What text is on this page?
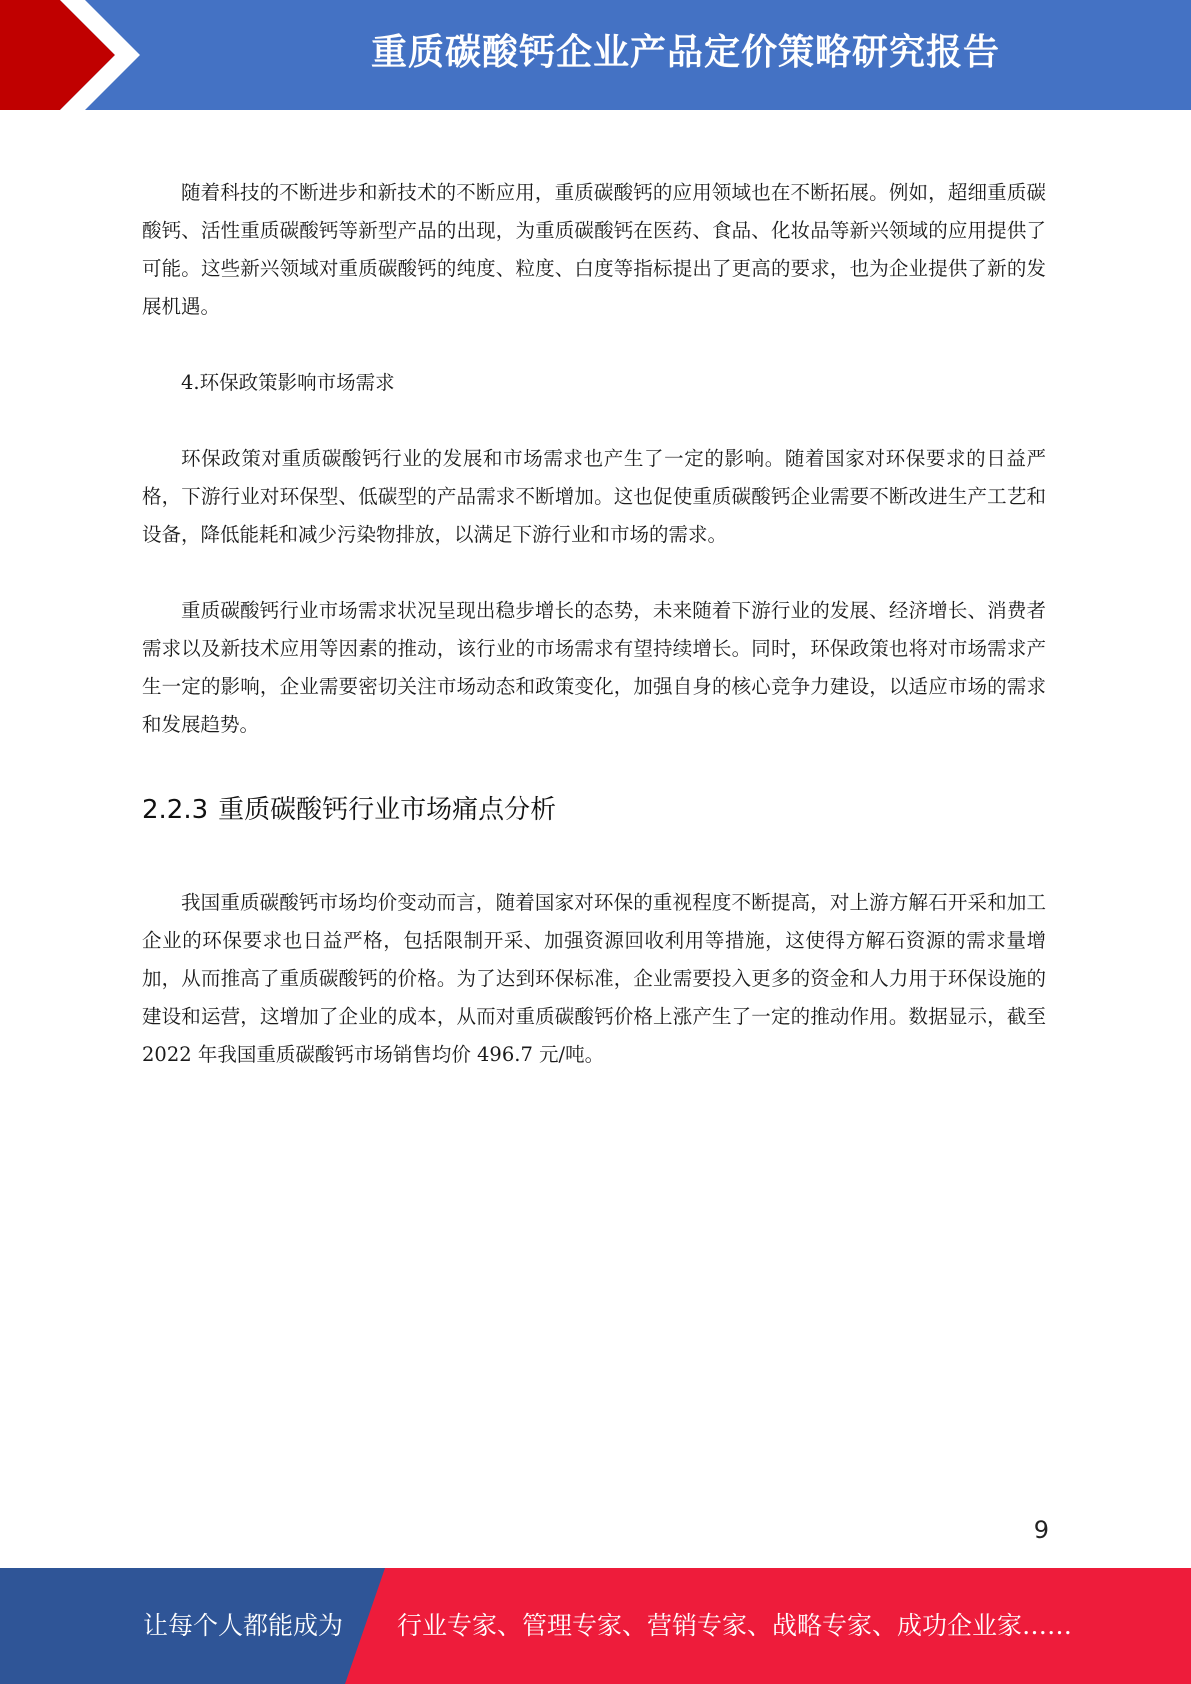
重质碳酸钙企业产品定价策略研究报告

随着科技的不断进步和新技术的不断应用，重质碳酸钙的应用领域也在不断拓展。例如，超细重质碳酸钙、活性重质碳酸钙等新型产品的出现，为重质碳酸钙在医药、食品、化妆品等新兴领域的应用提供了可能。这些新兴领域对重质碳酸钙的纯度、粒度、白度等指标提出了更高的要求，也为企业提供了新的发展机遇。

4.环保政策影响市场需求

环保政策对重质碳酸钙行业的发展和市场需求也产生了一定的影响。随着国家对环保要求的日益严格，下游行业对环保型、低碳型的产品需求不断增加。这也促使重质碳酸钙企业需要不断改进生产工艺和设备，降低能耗和减少污染物排放，以满足下游行业和市场的需求。

重质碳酸钙行业市场需求状况呈现出稳步增长的态势，未来随着下游行业的发展、经济增长、消费者需求以及新技术应用等因素的推动，该行业的市场需求有望持续增长。同时，环保政策也将对市场需求产生一定的影响，企业需要密切关注市场动态和政策变化，加强自身的核心竞争力建设，以适应市场的需求和发展趋势。

2.2.3 重质碳酸钙行业市场痛点分析

我国重质碳酸钙市场均价变动而言，随着国家对环保的重视程度不断提高，对上游方解石开采和加工企业的环保要求也日益严格，包括限制开采、加强资源回收利用等措施，这使得方解石资源的需求量增加，从而推高了重质碳酸钙的价格。为了达到环保标准，企业需要投入更多的资金和人力用于环保设施的建设和运营，这增加了企业的成本，从而对重质碳酸钙价格上涨产生了一定的推动作用。数据显示，截至 2022 年我国重质碳酸钙市场销售均价 496.7 元/吨。

9
让每个人都能成为 行业专家、管理专家、营销专家、战略专家、成功企业家……
